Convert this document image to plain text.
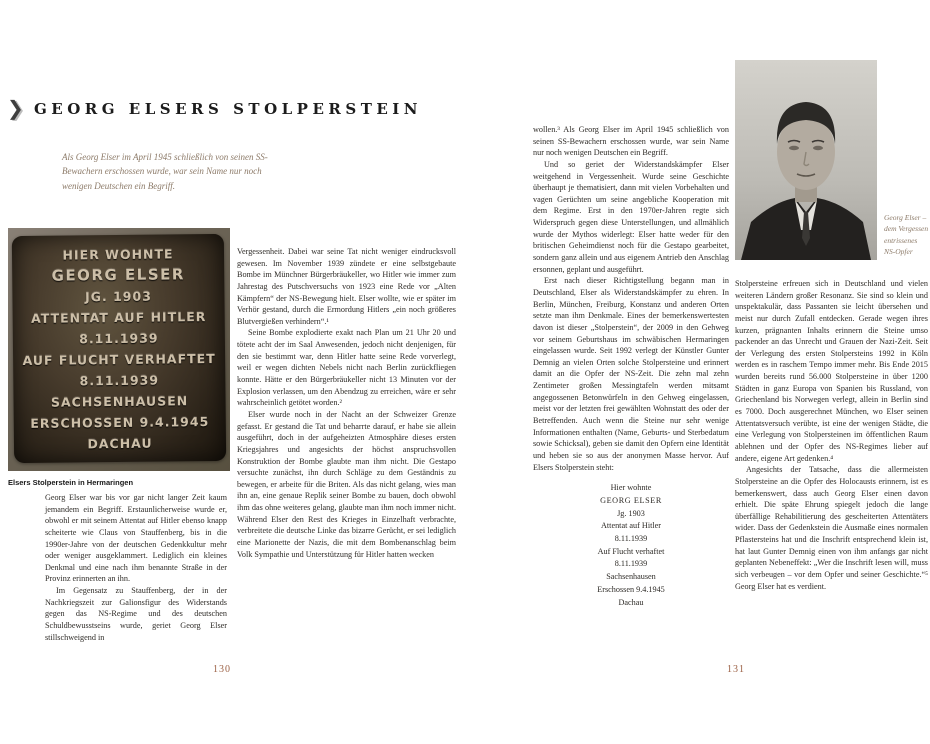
❯ GEORG ELSERS STOLPERSTEIN
Als Georg Elser im April 1945 schließlich von seinen SS-Bewachern erschossen wurde, war sein Name nur noch wenigen Deutschen ein Begriff.
HIER WOHNTE
GEORG ELSER
JG. 1903
ATTENTAT AUF HITLER
8.11.1939
AUF FLUCHT VERHAFTET
8.11.1939
SACHSENHAUSEN
ERSCHOSSEN 9.4.1945
DACHAU
Elsers Stolperstein in Hermaringen

Georg Elser war bis vor gar nicht langer Zeit kaum jemandem ein Begriff. Erstaunlicherweise wurde er, obwohl er mit seinem Attentat auf Hitler ebenso knapp scheiterte wie Claus von Stauffenberg, bis in die 1990er-Jahre von der deutschen Gedenkkultur mehr oder weniger ausgeklammert. Lediglich ein kleines Denkmal und eine nach ihm benannte Straße in der Provinz erinnerten an ihn.

Im Gegensatz zu Stauffenberg, der in der Nachkriegszeit zur Galionsfigur des Widerstands gegen das NS-Regime und des deutschen Schuldbewusstseins wurde, geriet Georg Elser stillschweigend in

Vergessenheit. Dabei war seine Tat nicht weniger eindrucksvoll gewesen. Im November 1939 zündete er eine selbstgebaute Bombe im Münchner Bürgerbräukeller, wo Hitler wie immer zum Jahrestag des Putschversuchs von 1923 eine Rede vor „Alten Kämpfern“ der NS-Bewegung hielt. Elser wollte, wie er später im Verhör gestand, durch die Ermordung Hitlers „ein noch größeres Blutvergießen verhindern“.¹

Seine Bombe explodierte exakt nach Plan um 21 Uhr 20 und tötete acht der im Saal Anwesenden, jedoch nicht denjenigen, für den sie bestimmt war, denn Hitler hatte seine Rede vorverlegt, weil er wegen dichten Nebels nicht nach Berlin zurückfliegen konnte. Hätte er den Bürgerbräukeller nicht 13 Minuten vor der Explosion verlassen, um den Abendzug zu erreichen, wäre er sehr wahrscheinlich getötet worden.²

Elser wurde noch in der Nacht an der Schweizer Grenze gefasst. Er gestand die Tat und beharrte darauf, er habe sie allein ausgeführt, doch in der aufgeheizten Atmosphäre dieses ersten Kriegsjahres und angesichts der höchst anspruchsvollen Konstruktion der Bombe glaubte man ihm nicht. Die Gestapo versuchte zunächst, ihn durch Schläge zu dem Geständnis zu bewegen, er arbeite für die Briten. Als das nicht gelang, wies man ihn an, eine genaue Replik seiner Bombe zu bauen, doch obwohl ihm das ohne weiteres gelang, glaubte man ihm noch immer nicht. Während Elser den Rest des Krieges in Einzelhaft verbrachte, verbreitete die deutsche Linke das bizarre Gerücht, er sei lediglich eine Marionette der Nazis, die mit dem Bombenanschlag beim Volk Sympathie und Unterstützung für Hitler hatten wecken

wollen.³ Als Georg Elser im April 1945 schließlich von seinen SS-Bewachern erschossen wurde, war sein Name nur noch wenigen Deutschen ein Begriff.

Und so geriet der Widerstandskämpfer Elser weitgehend in Vergessenheit. Wurde seine Geschichte überhaupt je thematisiert, dann mit vielen Vorbehalten und vagen Gerüchten um seine angebliche Kooperation mit dem Regime. Erst in den 1970er-Jahren regte sich Widerspruch gegen diese Unterstellungen, und allmählich wurde der Mythos widerlegt: Elser hatte weder für den britischen Geheimdienst noch für die Gestapo gearbeitet, sondern ganz allein und aus eigenem Antrieb den Anschlag ersonnen, geplant und ausgeführt.

Erst nach dieser Richtigstellung begann man in Deutschland, Elser als Widerstandskämpfer zu ehren. In Berlin, München, Freiburg, Konstanz und anderen Orten setzte man ihm Denkmale. Eines der bemerkenswertesten davon ist dieser „Stolperstein“, der 2009 in den Gehweg vor seinem Geburtshaus im schwäbischen Hermaringen eingelassen wurde. Seit 1992 verlegt der Künstler Gunter Demnig an vielen Orten solche Stolpersteine und erinnert damit an die Opfer der NS-Zeit. Die zehn mal zehn Zentimeter großen Messingtafeln werden mitsamt angegossenen Betonwürfeln in den Gehweg eingelassen, meist vor der letzten frei gewählten Wohnstatt des oder der Betreffenden. Auch wenn die Steine nur sehr wenige Informationen enthalten (Name, Geburts- und Sterbedatum sowie Schicksal), geben sie damit den Opfern eine Identität und heben sie so aus der anonymen Masse hervor. Auf Elsers Stolperstein steht:

Hier wohnte
GEORG ELSER
Jg. 1903
Attentat auf Hitler
8.11.1939
Auf Flucht verhaftet
8.11.1939
Sachsenhausen
Erschossen 9.4.1945
Dachau
Georg Elser – dem Vergessen entrissenes NS-Opfer

Stolpersteine erfreuen sich in Deutschland und vielen weiteren Ländern großer Resonanz. Sie sind so klein und unspektakulär, dass Passanten sie leicht übersehen und meist nur durch Zufall entdecken. Gerade wegen ihres kurzen, prägnanten Inhalts erinnern die Steine umso packender an das Unrecht und Grauen der Nazi-Zeit. Seit der Verlegung des ersten Stolpersteins 1992 in Köln werden es in raschem Tempo immer mehr. Bis Ende 2015 wurden bereits rund 56.000 Stolpersteine in über 1200 Städten in ganz Europa von Spanien bis Russland, von Griechenland bis Norwegen verlegt, allein in Berlin sind es 7000. Doch ausgerechnet München, wo Elser seinen Attentatsversuch verübte, ist eine der wenigen Städte, die eine Verlegung von Stolpersteinen im öffentlichen Raum ablehnen und der Opfer des NS-Regimes lieber auf andere, eigene Art gedenken.⁴

Angesichts der Tatsache, dass die allermeisten Stolpersteine an die Opfer des Holocausts erinnern, ist es bemerkenswert, dass auch Georg Elser einen davon erhielt. Die späte Ehrung spiegelt jedoch die lange überfällige Rehabilitierung des gescheiterten Attentäters wider. Dass der Gedenkstein die Ausmaße eines normalen Pflastersteins hat und die Inschrift entsprechend klein ist, hat laut Gunter Demnig einen von ihm anfangs gar nicht geplanten Nebeneffekt: „Wer die Inschrift lesen will, muss sich verbeugen – vor dem Opfer und seiner Geschichte.“⁵ Georg Elser hat es verdient.

130	131
